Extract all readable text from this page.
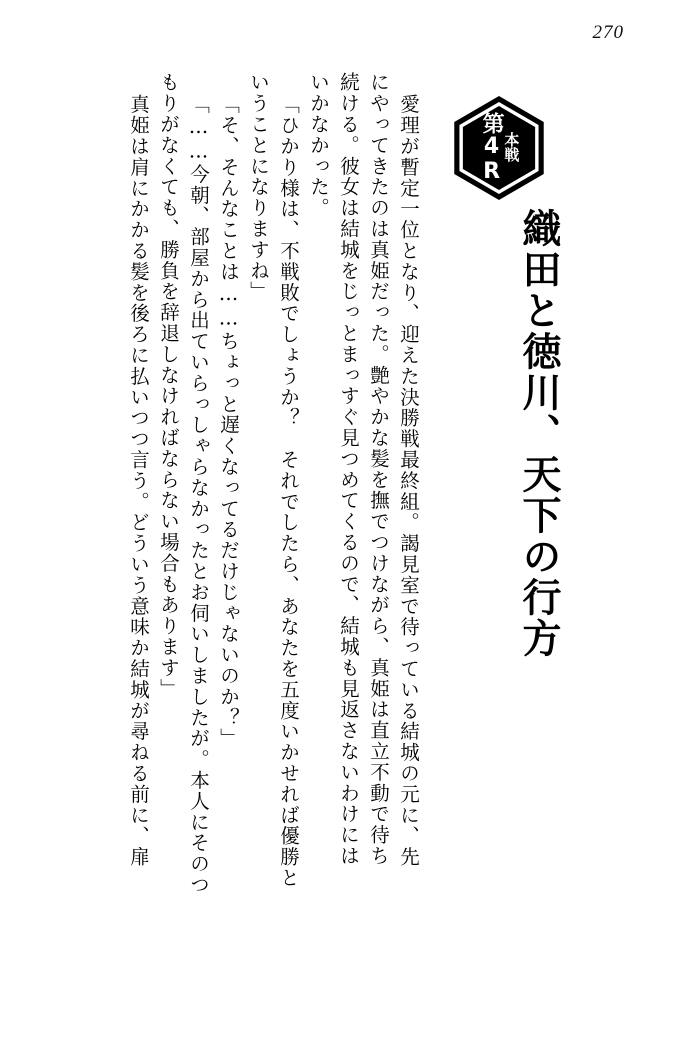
270
本戦
第4R
織田と徳川、天下の行方
愛理が暫定一位となり、迎えた決勝戦最終組。謁見室で待っている結城の元に、先
にやってきたのは真姫だった。艶やかな髪を撫でつけながら、真姫は直立不動で待ち
続ける。彼女は結城をじっとまっすぐ見つめてくるので、結城も見返さないわけには
いかなかった。
「ひかり様は、不戦敗でしょうか？　それでしたら、あなたを五度いかせれば優勝と
いうことになりますね」
「そ、そんなことは……ちょっと遅くなってるだけじゃないのか？」
「……今朝、部屋から出ていらっしゃらなかったとお伺いしましたが。本人にそのつ
もりがなくても、勝負を辞退しなければならない場合もあります」
真姫は肩にかかる髪を後ろに払いつつ言う。どういう意味か結城が尋ねる前に、扉
